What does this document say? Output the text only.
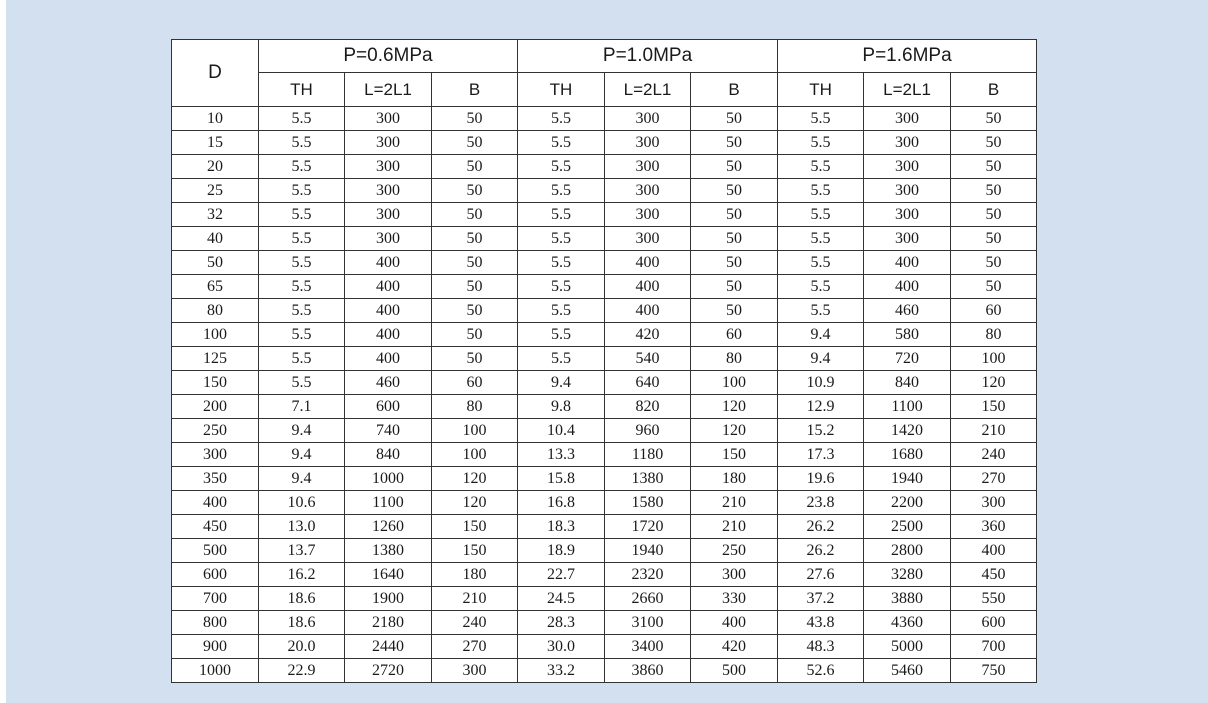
D	P=0.6MPa			P=1.0MPa			P=1.6MPa		
	TH	L=2L1	B	TH	L=2L1	B	TH	L=2L1	B
10	5.5	300	50	5.5	300	50	5.5	300	50
15	5.5	300	50	5.5	300	50	5.5	300	50
20	5.5	300	50	5.5	300	50	5.5	300	50
25	5.5	300	50	5.5	300	50	5.5	300	50
32	5.5	300	50	5.5	300	50	5.5	300	50
40	5.5	300	50	5.5	300	50	5.5	300	50
50	5.5	400	50	5.5	400	50	5.5	400	50
65	5.5	400	50	5.5	400	50	5.5	400	50
80	5.5	400	50	5.5	400	50	5.5	460	60
100	5.5	400	50	5.5	420	60	9.4	580	80
125	5.5	400	50	5.5	540	80	9.4	720	100
150	5.5	460	60	9.4	640	100	10.9	840	120
200	7.1	600	80	9.8	820	120	12.9	1100	150
250	9.4	740	100	10.4	960	120	15.2	1420	210
300	9.4	840	100	13.3	1180	150	17.3	1680	240
350	9.4	1000	120	15.8	1380	180	19.6	1940	270
400	10.6	1100	120	16.8	1580	210	23.8	2200	300
450	13.0	1260	150	18.3	1720	210	26.2	2500	360
500	13.7	1380	150	18.9	1940	250	26.2	2800	400
600	16.2	1640	180	22.7	2320	300	27.6	3280	450
700	18.6	1900	210	24.5	2660	330	37.2	3880	550
800	18.6	2180	240	28.3	3100	400	43.8	4360	600
900	20.0	2440	270	30.0	3400	420	48.3	5000	700
1000	22.9	2720	300	33.2	3860	500	52.6	5460	750
